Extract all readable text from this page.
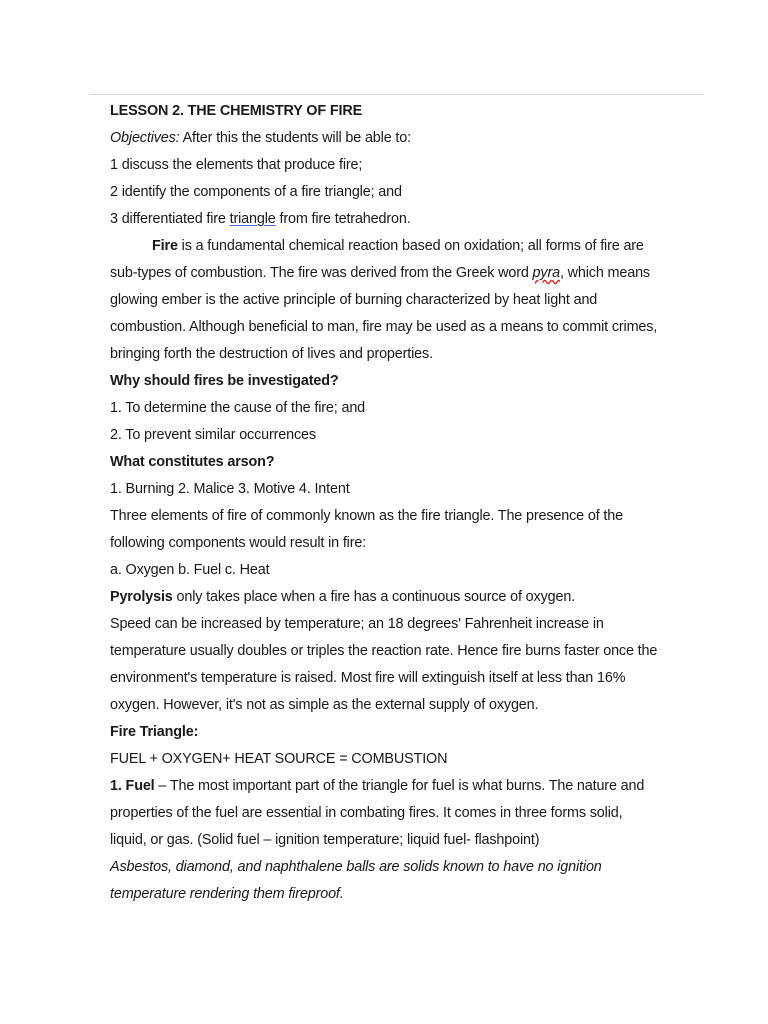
LESSON 2. THE CHEMISTRY OF FIRE
Objectives: After this the students will be able to:
1 discuss the elements that produce fire;
2 identify the components of a fire triangle; and
3 differentiated fire triangle from fire tetrahedron.
Fire is a fundamental chemical reaction based on oxidation; all forms of fire are
sub-types of combustion. The fire was derived from the Greek word pyra, which means
glowing ember is the active principle of burning characterized by heat light and
combustion. Although beneficial to man, fire may be used as a means to commit crimes,
bringing forth the destruction of lives and properties.
Why should fires be investigated?
1. To determine the cause of the fire; and
2. To prevent similar occurrences
What constitutes arson?
1. Burning 2. Malice 3. Motive 4. Intent
Three elements of fire of commonly known as the fire triangle. The presence of the
following components would result in fire:
a. Oxygen b. Fuel c. Heat
Pyrolysis only takes place when a fire has a continuous source of oxygen.
Speed can be increased by temperature; an 18 degrees' Fahrenheit increase in
temperature usually doubles or triples the reaction rate. Hence fire burns faster once the
environment's temperature is raised. Most fire will extinguish itself at less than 16%
oxygen. However, it's not as simple as the external supply of oxygen.
Fire Triangle:
FUEL + OXYGEN+ HEAT SOURCE = COMBUSTION
1. Fuel – The most important part of the triangle for fuel is what burns. The nature and
properties of the fuel are essential in combating fires. It comes in three forms solid,
liquid, or gas. (Solid fuel – ignition temperature; liquid fuel- flashpoint)
Asbestos, diamond, and naphthalene balls are solids known to have no ignition
temperature rendering them fireproof.
